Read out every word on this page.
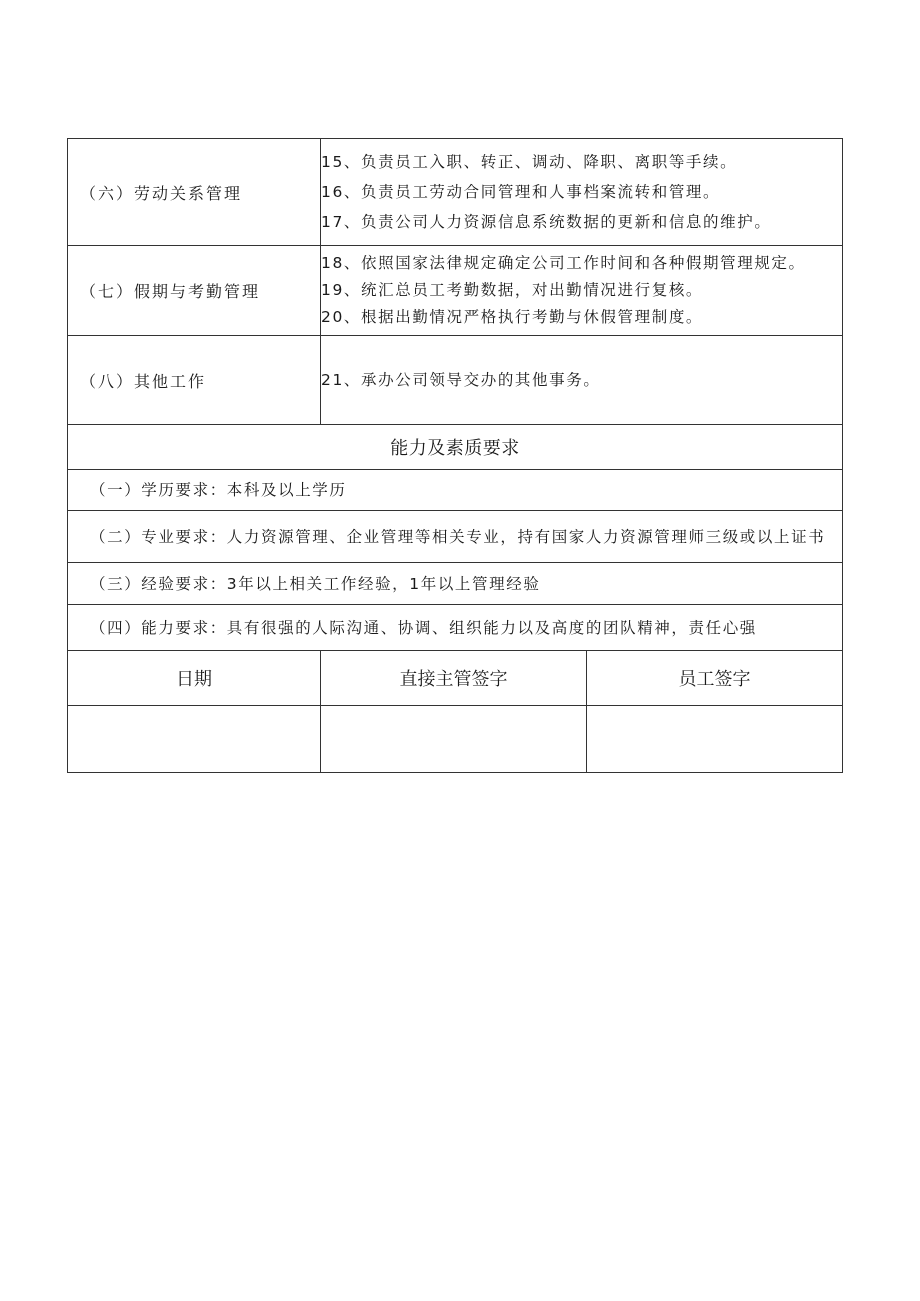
（六）劳动关系管理	15、负责员工入职、转正、调动、降职、离职等手续。
16、负责员工劳动合同管理和人事档案流转和管理。
17、负责公司人力资源信息系统数据的更新和信息的维护。	

（七）假期与考勤管理	18、依照国家法律规定确定公司工作时间和各种假期管理规定。
19、统汇总员工考勤数据，对出勤情况进行复核。
20、根据出勤情况严格执行考勤与休假管理制度。	

（八）其他工作	21、承办公司领导交办的其他事务。	

能力及素质要求		
（一）学历要求：本科及以上学历		
（二）专业要求：人力资源管理、企业管理等相关专业，持有国家人力资源管理师三级或以上证书		
（三）经验要求：3年以上相关工作经验，1年以上管理经验		
（四）能力要求：具有很强的人际沟通、协调、组织能力以及高度的团队精神，责任心强		
日期	直接主管签字	员工签字
